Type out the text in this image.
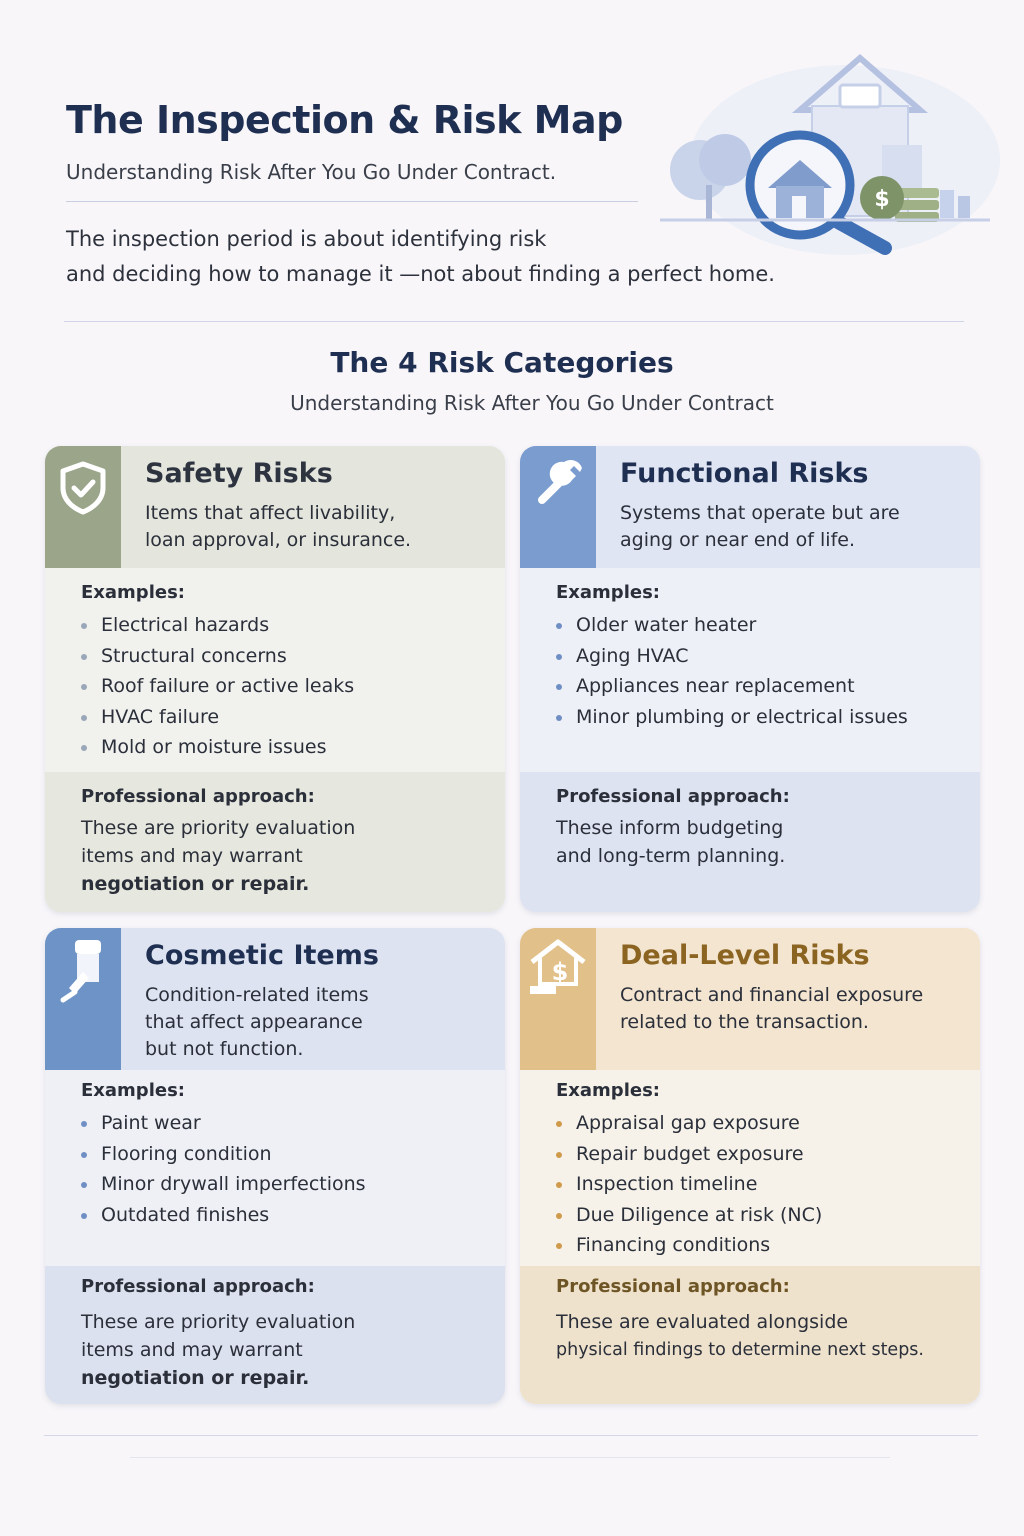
The Inspection & Risk Map
Understanding Risk After You Go Under Contract.
The inspection period is about identifying risk
and deciding how to manage it —not about finding a perfect home.
$
The 4 Risk Categories
Understanding Risk After You Go Under Contract
Safety Risks
Items that affect livability,
loan approval, or insurance.
Examples:
Electrical hazards
Structural concerns
Roof failure or active leaks
HVAC failure
Mold or moisture issues
Professional approach:
These are priority evaluation
items and may warrant
negotiation or repair.
Functional Risks
Systems that operate but are
aging or near end of life.
Examples:
Older water heater
Aging HVAC
Appliances near replacement
Minor plumbing or electrical issues
Professional approach:
These inform budgeting
and long-term planning.
Cosmetic Items
Condition-related items
that affect appearance
but not function.
Examples:
Paint wear
Flooring condition
Minor drywall imperfections
Outdated finishes
Professional approach:
These are priority evaluation
items and may warrant
negotiation or repair.
$
Deal-Level Risks
Contract and financial exposure
related to the transaction.
Examples:
Appraisal gap exposure
Repair budget exposure
Inspection timeline
Due Diligence at risk (NC)
Financing conditions
Professional approach:
These are evaluated alongside
physical findings to determine next steps.
